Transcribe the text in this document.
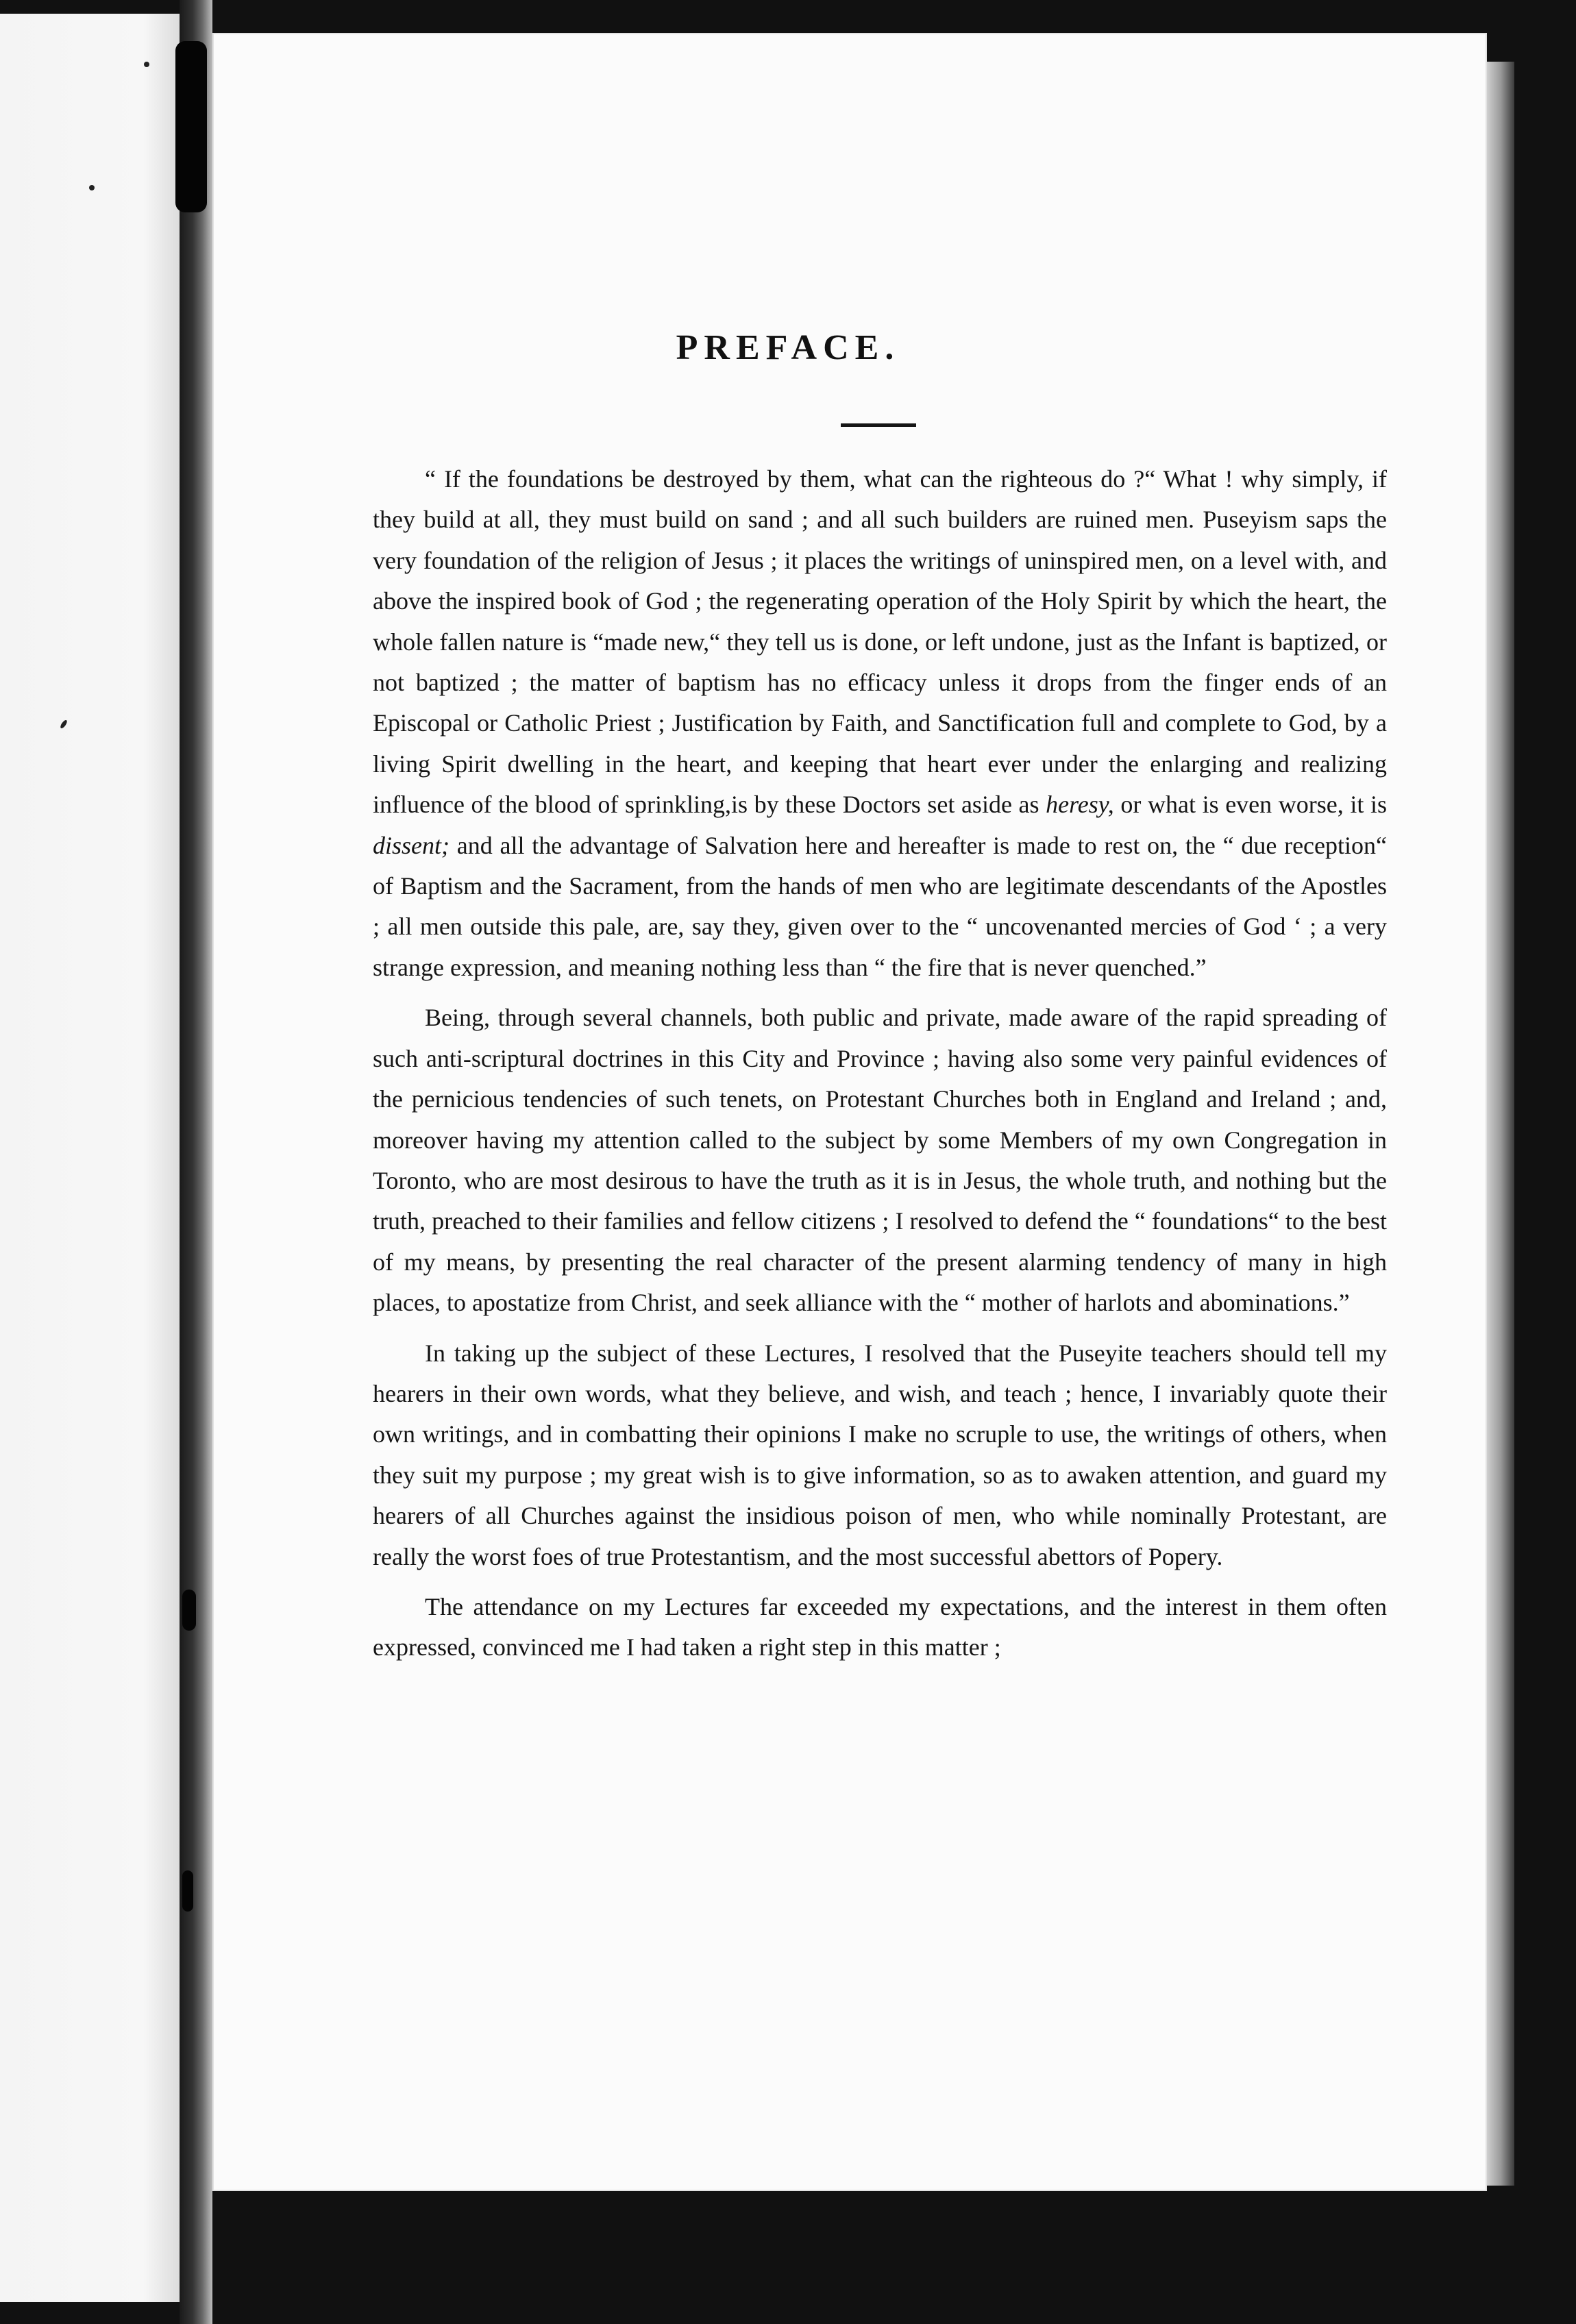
PREFACE.

“ If the foundations be destroyed by them, what can the righteous do ?“ What ! why simply, if they build at all, they must build on sand ; and all such builders are ruined men. Puseyism saps the very foundation of the religion of Jesus ; it places the writings of uninspired men, on a level with, and above the inspired book of God ; the regenerating operation of the Holy Spirit by which the heart, the whole fallen nature is “made new,“ they tell us is done, or left undone, just as the Infant is baptized, or not baptized ; the matter of baptism has no efficacy unless it drops from the finger ends of an Episcopal or Catholic Priest ; Justification by Faith, and Sanctification full and complete to God, by a living Spirit dwelling in the heart, and keeping that heart ever under the enlarging and realizing influence of the blood of sprinkling,is by these Doctors set aside as heresy, or what is even worse, it is dissent; and all the advantage of Salvation here and hereafter is made to rest on, the “ due reception“ of Baptism and the Sacrament, from the hands of men who are legitimate descendants of the Apostles ; all men outside this pale, are, say they, given over to the “ uncovenanted mercies of God ‘ ; a very strange expression, and meaning nothing less than “ the fire that is never quenched.”

Being, through several channels, both public and private, made aware of the rapid spreading of such anti-scriptural doctrines in this City and Province ; having also some very painful evidences of the pernicious tendencies of such tenets, on Protestant Churches both in England and Ireland ; and, moreover having my attention called to the subject by some Members of my own Congregation in Toronto, who are most desirous to have the truth as it is in Jesus, the whole truth, and nothing but the truth, preached to their families and fellow citizens ; I resolved to defend the “ foundations“ to the best of my means, by presenting the real character of the present alarming tendency of many in high places, to apostatize from Christ, and seek alliance with the “ mother of harlots and abominations.”

In taking up the subject of these Lectures, I resolved that the Puseyite teachers should tell my hearers in their own words, what they believe, and wish, and teach ; hence, I invariably quote their own writings, and in combatting their opinions I make no scruple to use, the writings of others, when they suit my purpose ; my great wish is to give information, so as to awaken attention, and guard my hearers of all Churches against the insidious poison of men, who while nominally Protestant, are really the worst foes of true Protestantism, and the most successful abettors of Popery.

The attendance on my Lectures far exceeded my expectations, and the interest in them often expressed, convinced me I had taken a right step in this matter ;
